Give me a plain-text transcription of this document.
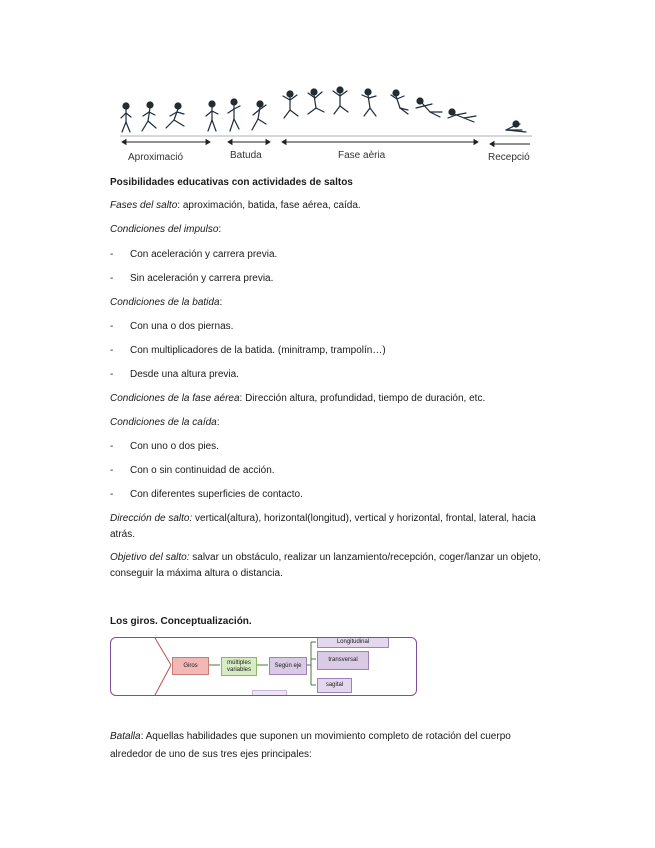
Aproximació	Batuda	Fase aèria	Recepció
Posibilidades educativas con actividades de saltos
Fases del salto: aproximación, batida, fase aérea, caída.
Condiciones del impulso:
- Con aceleración y carrera previa.
- Sin aceleración y carrera previa.
Condiciones de la batida:
- Con una o dos piernas.
- Con multiplicadores de la batida. (minitramp, trampolín…)
- Desde una altura previa.
Condiciones de la fase aérea: Dirección altura, profundidad, tiempo de duración, etc.
Condiciones de la caída:
- Con uno o dos pies.
- Con o sin continuidad de acción.
- Con diferentes superficies de contacto.
Dirección de salto: vertical(altura), horizontal(longitud), vertical y horizontal, frontal, lateral, hacia atrás.
Objetivo del salto: salvar un obstáculo, realizar un lanzamiento/recepción, coger/lanzar un objeto, conseguir la máxima altura o distancia.
Los giros. Conceptualización.
Giros	múltiples variables
Según eje
Longitudinal
transversal
sagital
Batalla: Aquellas habilidades que suponen un movimiento completo de rotación del cuerpo alrededor de uno de sus tres ejes principales:
